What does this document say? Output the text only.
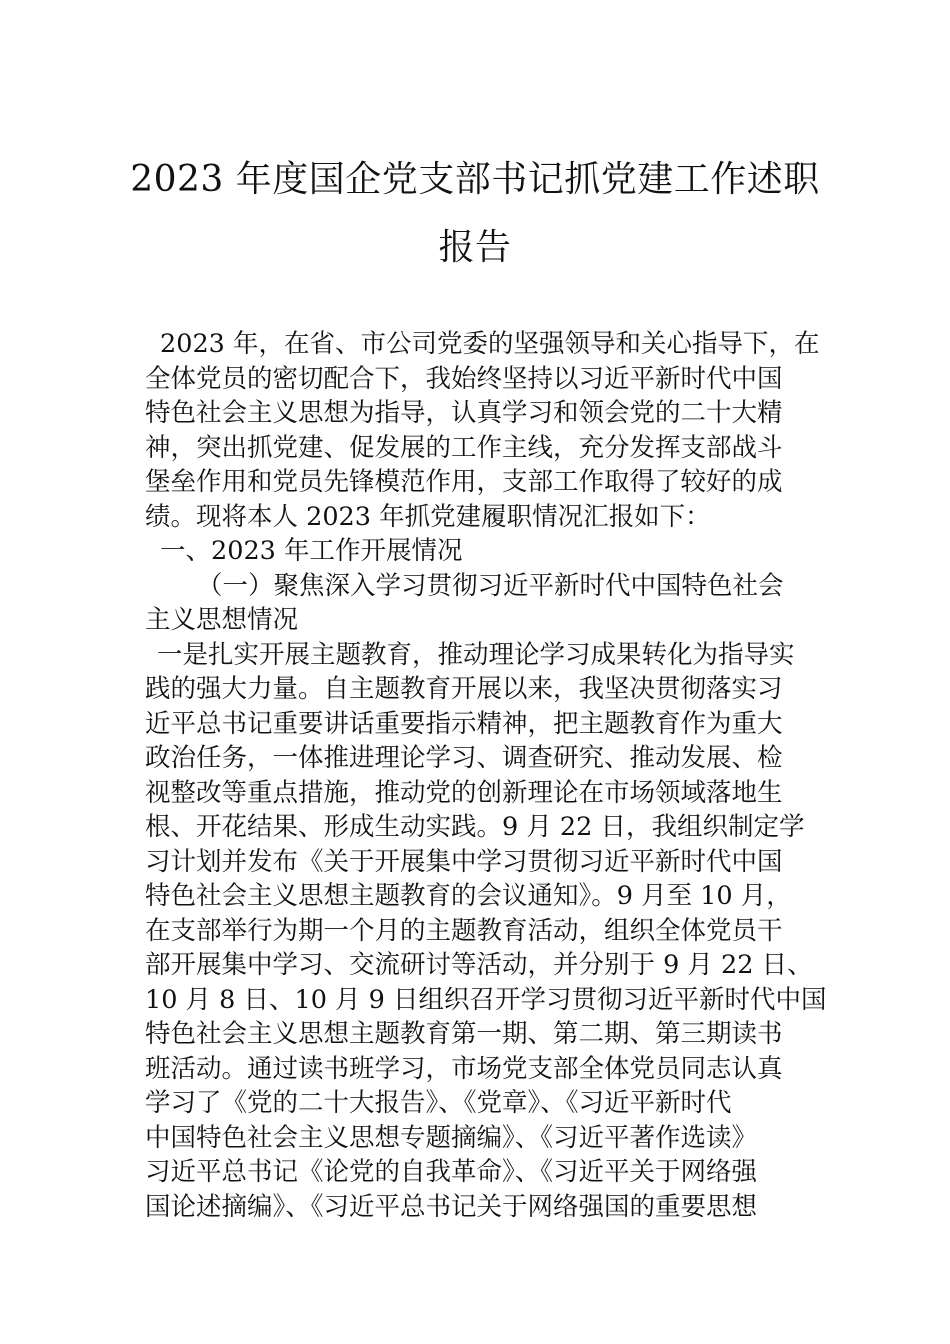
2023 年度国企党支部书记抓党建工作述职
报告
2023 年，在省、市公司党委的坚强领导和关心指导下，在
全体党员的密切配合下，我始终坚持以习近平新时代中国
特色社会主义思想为指导，认真学习和领会党的二十大精
神，突出抓党建、促发展的工作主线，充分发挥支部战斗
堡垒作用和党员先锋模范作用，支部工作取得了较好的成
绩。现将本人 2023 年抓党建履职情况汇报如下：
一、2023 年工作开展情况
（一）聚焦深入学习贯彻习近平新时代中国特色社会
主义思想情况
一是扎实开展主题教育，推动理论学习成果转化为指导实
践的强大力量。自主题教育开展以来，我坚决贯彻落实习
近平总书记重要讲话重要指示精神，把主题教育作为重大
政治任务，一体推进理论学习、调查研究、推动发展、检
视整改等重点措施，推动党的创新理论在市场领域落地生
根、开花结果、形成生动实践。9 月 22 日，我组织制定学
习计划并发布《关于开展集中学习贯彻习近平新时代中国
特色社会主义思想主题教育的会议通知》。9 月至 10 月，
在支部举行为期一个月的主题教育活动，组织全体党员干
部开展集中学习、交流研讨等活动，并分别于 9 月 22 日、
10 月 8 日、10 月 9 日组织召开学习贯彻习近平新时代中国
特色社会主义思想主题教育第一期、第二期、第三期读书
班活动。通过读书班学习，市场党支部全体党员同志认真
学习了《党的二十大报告》、《党章》、《习近平新时代
中国特色社会主义思想专题摘编》、《习近平著作选读》
习近平总书记《论党的自我革命》、《习近平关于网络强
国论述摘编》、《习近平总书记关于网络强国的重要思想
